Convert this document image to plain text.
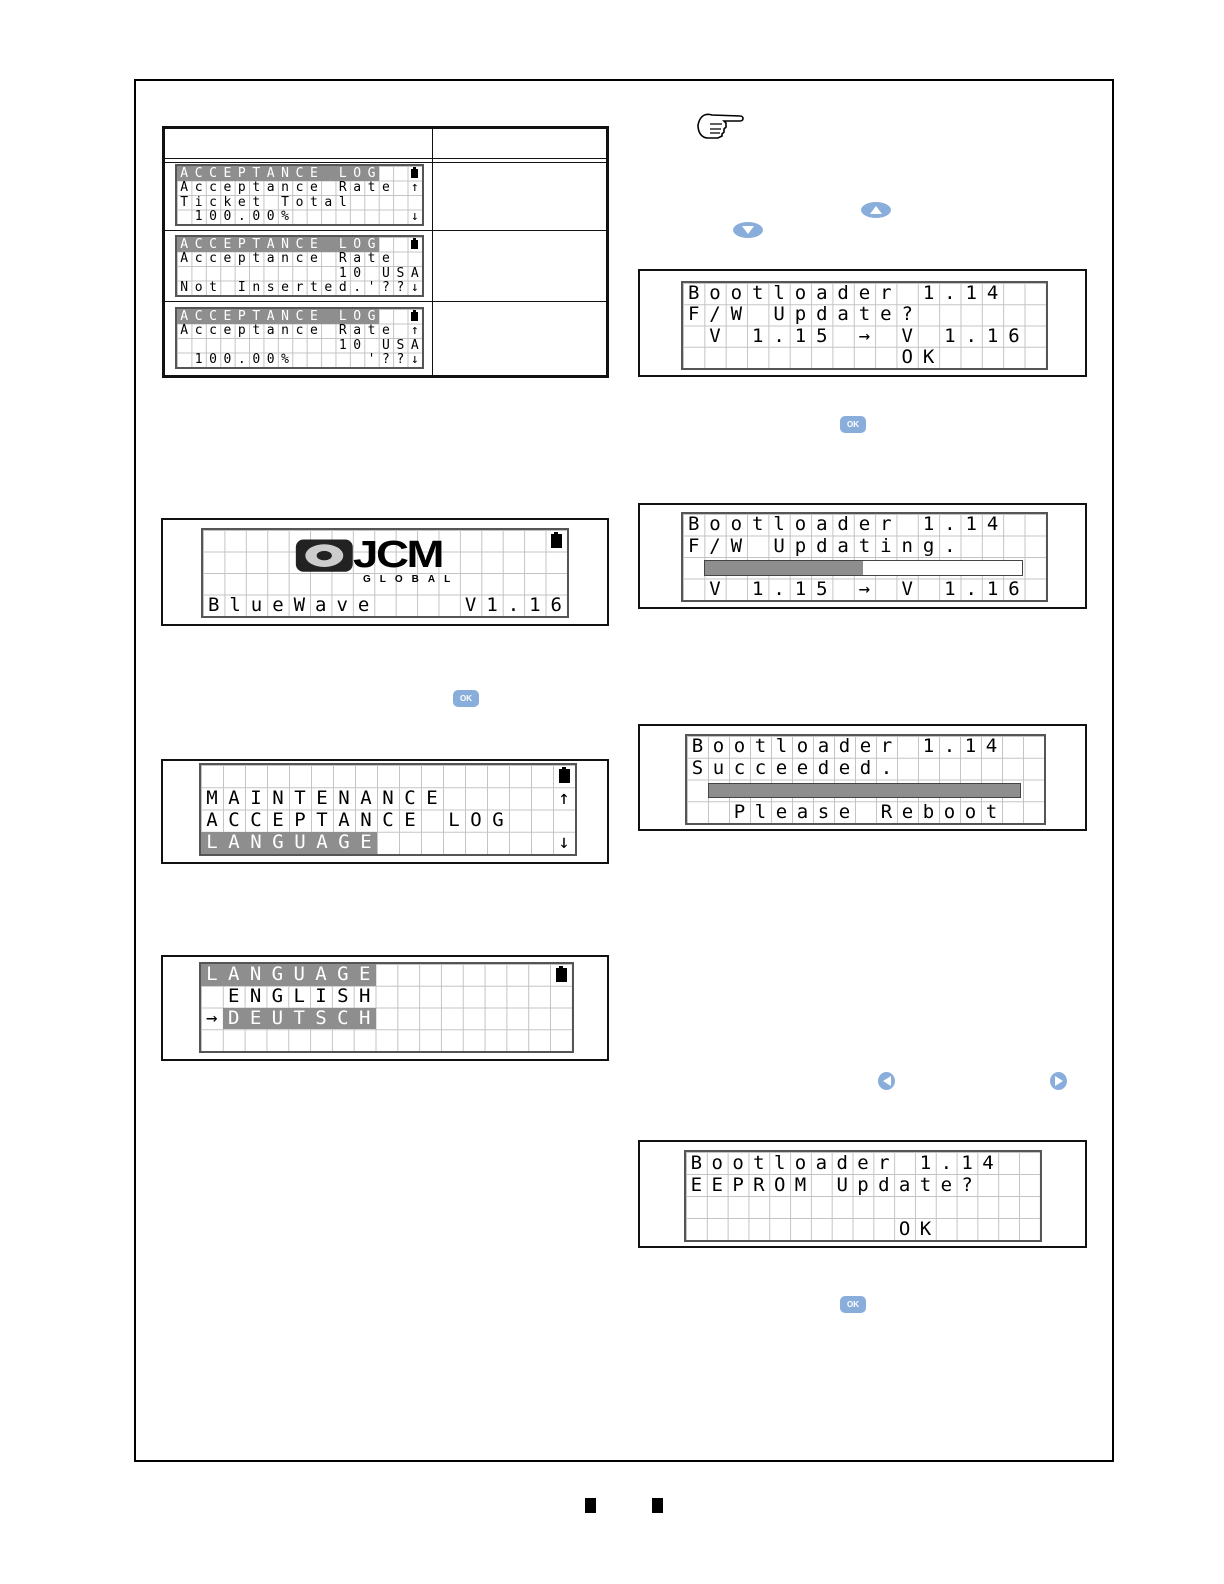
A C C E P T A N C E L O G
A c c e p t a n c e R a t e ↑
T i c k e t T o t a l
1 0 0 . 0 0 %	↓
A C C E P T A N C E L O G
A c c e p t a n c e R a t e
1 0 U S A
N o t I n s e r t e d . ' ? ? ↓
A C C E P T A N C E L O G
A c c e p t a n c e R a t e ↑
1 0 U S A
1 0 0 . 0 0 %	' ? ? ↓
JCM
GLOBAL
B l u e W a v e	V 1 . 1 6
M A I N T E N A N C E	↑
A C C E P T A N C E L O G
L A N G U A G E	↓
L A N G U A G E
E N G L I S H
→ D E U T S C H
B o o t l o a d e r 1 . 1 4
F / W U p d a t e ?
V 1 . 1 5 → V 1 . 1 6
O K
B o o t l o a d e r 1 . 1 4
F / W U p d a t i n g .
V 1 . 1 5 → V 1 . 1 6
B o o t l o a d e r 1 . 1 4
S u c c e e d e d .
P l e a s e R e b o o t
B o o t l o a d e r 1 . 1 4
E E P R O M U p d a t e ?
O K
OK
OK
OK
